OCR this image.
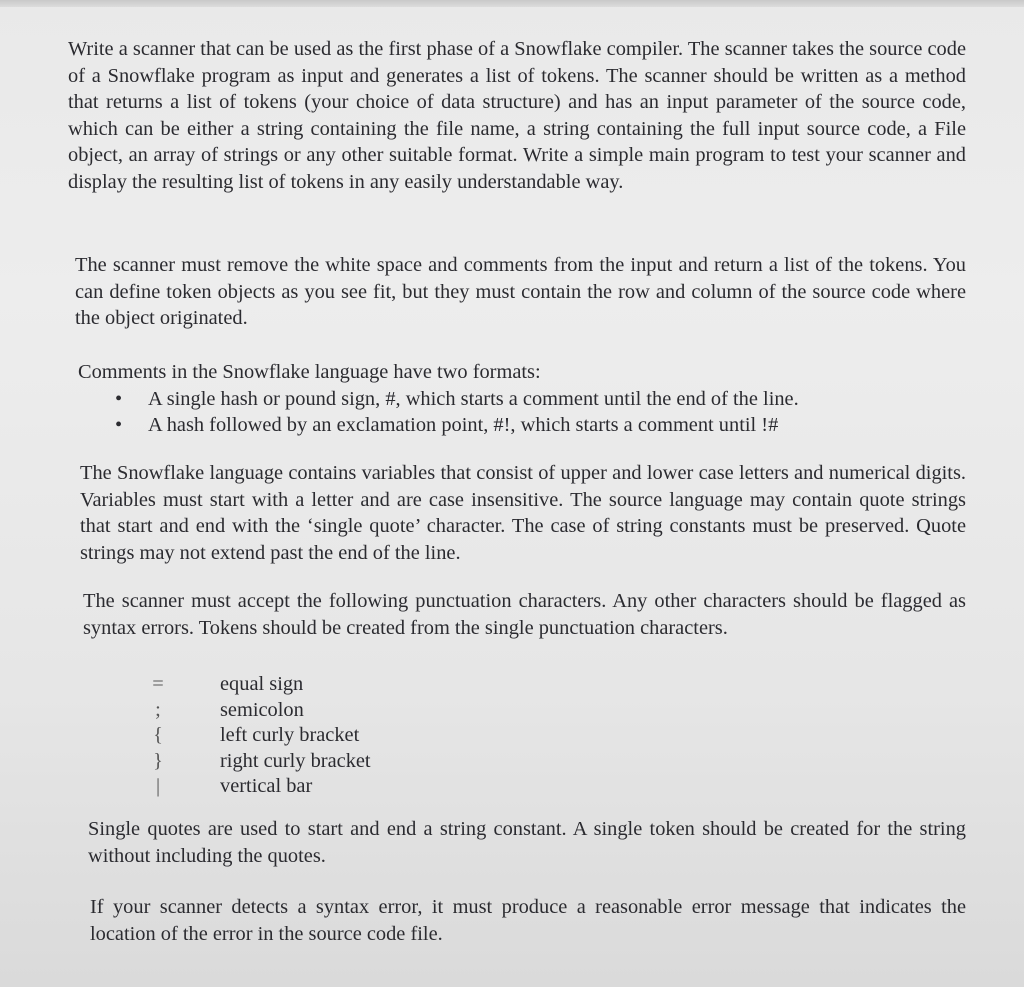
Write a scanner that can be used as the first phase of a Snowflake compiler. The scanner takes the source code of a Snowflake program as input and generates a list of tokens. The scanner should be written as a method that returns a list of tokens (your choice of data structure) and has an input parameter of the source code, which can be either a string containing the file name, a string containing the full input source code, a File object, an array of strings or any other suitable format. Write a simple main program to test your scanner and display the resulting list of tokens in any easily understandable way.

The scanner must remove the white space and comments from the input and return a list of the tokens. You can define token objects as you see fit, but they must contain the row and column of the source code where the object originated.

Comments in the Snowflake language have two formats:
• A single hash or pound sign, #, which starts a comment until the end of the line.
• A hash followed by an exclamation point, #!, which starts a comment until !#

The Snowflake language contains variables that consist of upper and lower case letters and numerical digits. Variables must start with a letter and are case insensitive. The source language may contain quote strings that start and end with the ‘single quote’ character. The case of string constants must be preserved. Quote strings may not extend past the end of the line.

The scanner must accept the following punctuation characters. Any other characters should be flagged as syntax errors. Tokens should be created from the single punctuation characters.

=	equal sign
;	semicolon
{	left curly bracket
}	right curly bracket
|	vertical bar

Single quotes are used to start and end a string constant. A single token should be created for the string without including the quotes.

If your scanner detects a syntax error, it must produce a reasonable error message that indicates the location of the error in the source code file.
